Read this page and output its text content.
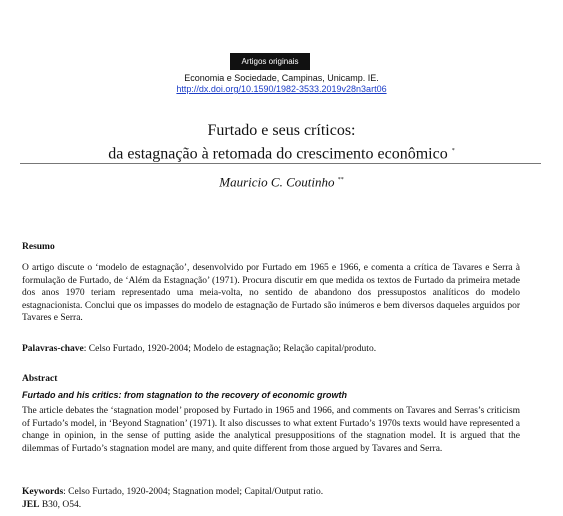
Artigos originais
Economia e Sociedade, Campinas, Unicamp. IE.
http://dx.doi.org/10.1590/1982-3533.2019v28n3art06
Furtado e seus críticos:
da estagnação à retomada do crescimento econômico *
Mauricio C. Coutinho **
Resumo
O artigo discute o ‘modelo de estagnação’, desenvolvido por Furtado em 1965 e 1966, e comenta a crítica de Tavares e Serra à formulação de Furtado, de ‘Além da Estagnação’ (1971). Procura discutir em que medida os textos de Furtado da primeira metade dos anos 1970 teriam representado uma meia-volta, no sentido de abandono dos pressupostos analíticos do modelo estagnacionista. Conclui que os impasses do modelo de estagnação de Furtado são inúmeros e bem diversos daqueles arguidos por Tavares e Serra.
Palavras-chave: Celso Furtado, 1920-2004; Modelo de estagnação; Relação capital/produto.
Abstract
Furtado and his critics: from stagnation to the recovery of economic growth
The article debates the ‘stagnation model’ proposed by Furtado in 1965 and 1966, and comments on Tavares and Serras’s criticism of Furtado’s model, in ‘Beyond Stagnation’ (1971). It also discusses to what extent Furtado’s 1970s texts would have represented a change in opinion, in the sense of putting aside the analytical presuppositions of the stagnation model. It is argued that the dilemmas of Furtado’s stagnation model are many, and quite different from those argued by Tavares and Serra.
Keywords: Celso Furtado, 1920-2004; Stagnation model; Capital/Output ratio.
JEL B30, O54.
